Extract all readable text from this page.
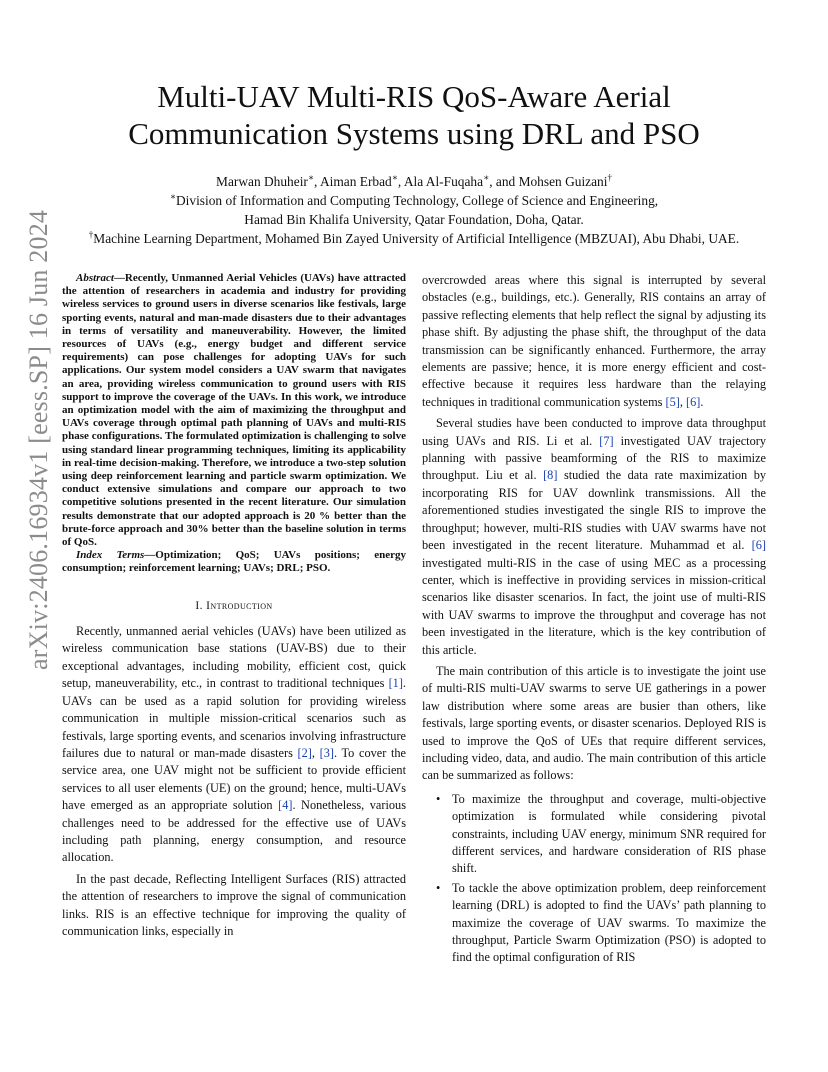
arXiv:2406.16934v1 [eess.SP] 16 Jun 2024
Multi-UAV Multi-RIS QoS-Aware Aerial
Communication Systems using DRL and PSO
Marwan Dhuheir∗, Aiman Erbad∗, Ala Al-Fuqaha∗, and Mohsen Guizani†
∗Division of Information and Computing Technology, College of Science and Engineering,
Hamad Bin Khalifa University, Qatar Foundation, Doha, Qatar.
†Machine Learning Department, Mohamed Bin Zayed University of Artificial Intelligence (MBZUAI), Abu Dhabi, UAE.

Abstract—Recently, Unmanned Aerial Vehicles (UAVs) have attracted the attention of researchers in academia and industry for providing wireless services to ground users in diverse scenarios like festivals, large sporting events, natural and man-made disasters due to their advantages in terms of versatility and maneuverability. However, the limited resources of UAVs (e.g., energy budget and different service requirements) can pose challenges for adopting UAVs for such applications. Our system model considers a UAV swarm that navigates an area, providing wireless communication to ground users with RIS support to improve the coverage of the UAVs. In this work, we introduce an optimization model with the aim of maximizing the throughput and UAVs coverage through optimal path planning of UAVs and multi-RIS phase configurations. The formulated optimization is challenging to solve using standard linear programming techniques, limiting its applicability in real-time decision-making. Therefore, we introduce a two-step solution using deep reinforcement learning and particle swarm optimization. We conduct extensive simulations and compare our approach to two competitive solutions presented in the recent literature. Our simulation results demonstrate that our adopted approach is 20 % better than the brute-force approach and 30% better than the baseline solution in terms of QoS.

Index Terms—Optimization; QoS; UAVs positions; energy consumption; reinforcement learning; UAVs; DRL; PSO.

I. Introduction

Recently, unmanned aerial vehicles (UAVs) have been utilized as wireless communication base stations (UAV-BS) due to their exceptional advantages, including mobility, efficient cost, quick setup, maneuverability, etc., in contrast to traditional techniques [1]. UAVs can be used as a rapid solution for providing wireless communication in multiple mission-critical scenarios such as festivals, large sporting events, and scenarios involving infrastructure failures due to natural or man-made disasters [2], [3]. To cover the service area, one UAV might not be sufficient to provide efficient services to all user elements (UE) on the ground; hence, multi-UAVs have emerged as an appropriate solution [4]. Nonetheless, various challenges need to be addressed for the effective use of UAVs including path planning, energy consumption, and resource allocation.

In the past decade, Reflecting Intelligent Surfaces (RIS) attracted the attention of researchers to improve the signal of communication links. RIS is an effective technique for improving the quality of communication links, especially in

overcrowded areas where this signal is interrupted by several obstacles (e.g., buildings, etc.). Generally, RIS contains an array of passive reflecting elements that help reflect the signal by adjusting its phase shift. By adjusting the phase shift, the throughput of the data transmission can be significantly enhanced. Furthermore, the array elements are passive; hence, it is more energy efficient and cost-effective because it requires less hardware than the relaying techniques in traditional communication systems [5], [6].

Several studies have been conducted to improve data throughput using UAVs and RIS. Li et al. [7] investigated UAV trajectory planning with passive beamforming of the RIS to maximize throughput. Liu et al. [8] studied the data rate maximization by incorporating RIS for UAV downlink transmissions. All the aforementioned studies investigated the single RIS to improve the throughput; however, multi-RIS studies with UAV swarms have not been investigated in the recent literature. Muhammad et al. [6] investigated multi-RIS in the case of using MEC as a processing center, which is ineffective in providing services in mission-critical scenarios like disaster scenarios. In fact, the joint use of multi-RIS with UAV swarms to improve the throughput and coverage has not been investigated in the literature, which is the key contribution of this article.

The main contribution of this article is to investigate the joint use of multi-RIS multi-UAV swarms to serve UE gatherings in a power law distribution where some areas are busier than others, like festivals, large sporting events, or disaster scenarios. Deployed RIS is used to improve the QoS of UEs that require different services, including video, data, and audio. The main contribution of this article can be summarized as follows:

• To maximize the throughput and coverage, multi-objective optimization is formulated while considering pivotal constraints, including UAV energy, minimum SNR required for different services, and hardware consideration of RIS phase shift.
• To tackle the above optimization problem, deep reinforcement learning (DRL) is adopted to find the UAVs’ path planning to maximize the coverage of UAV swarms. To maximize the throughput, Particle Swarm Optimization (PSO) is adopted to find the optimal configuration of RIS
